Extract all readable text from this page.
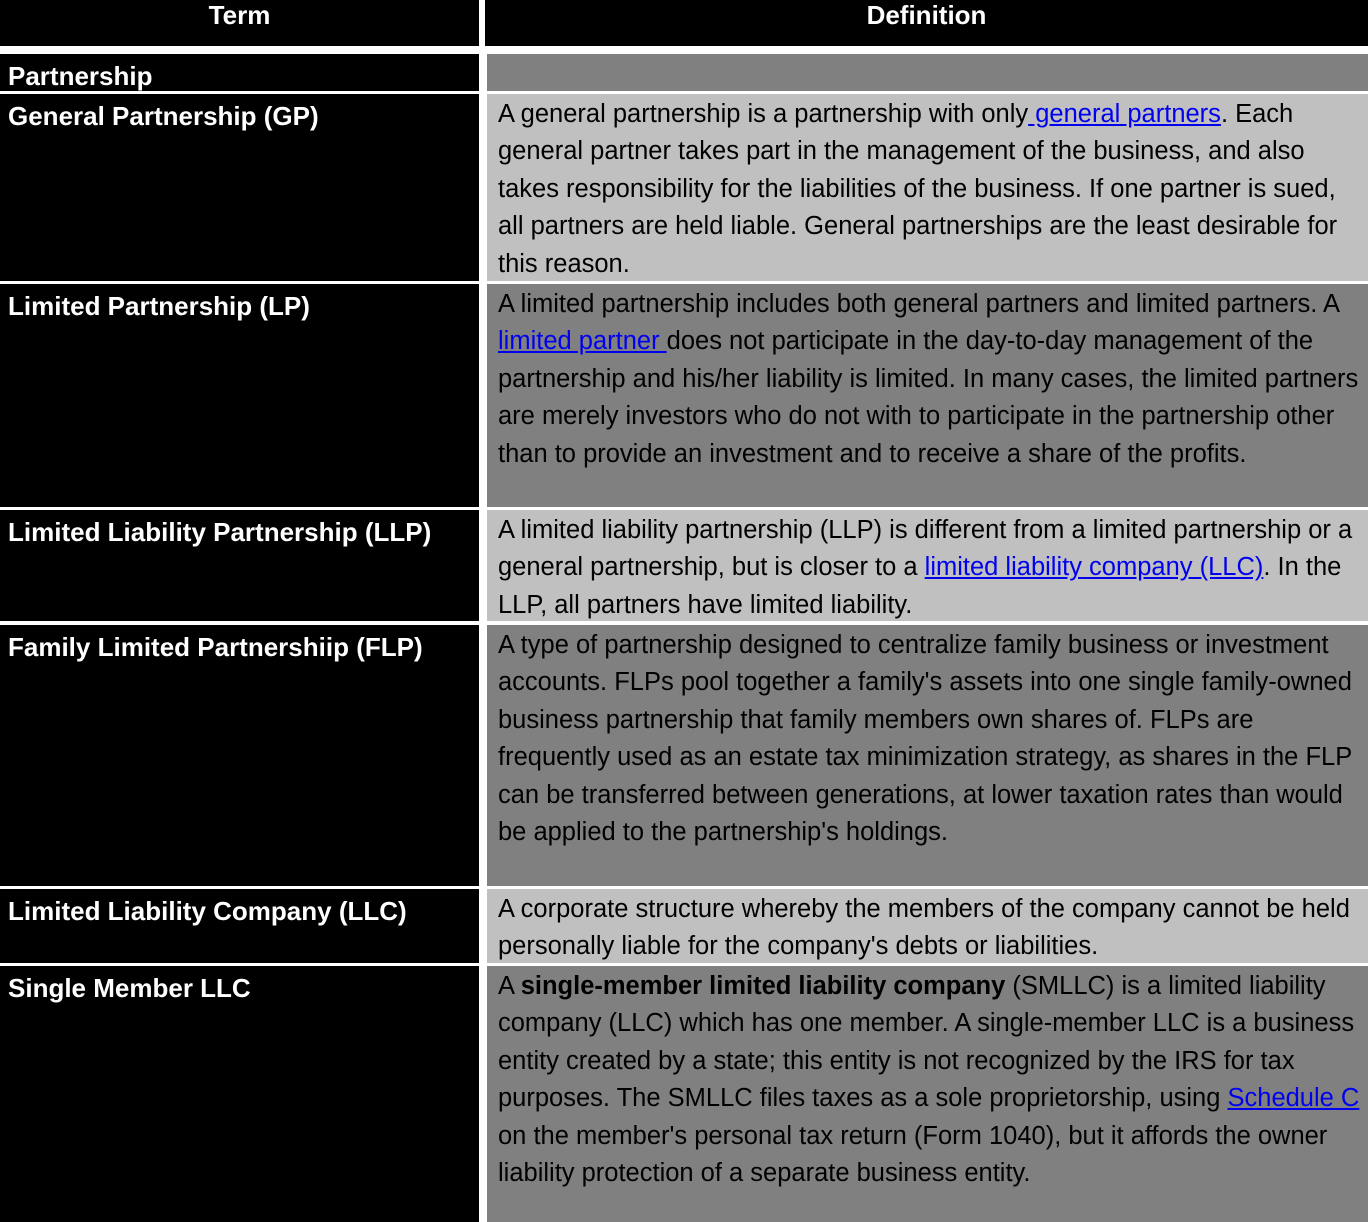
Term	Definition
Partnership
General Partnership (GP)	A general partnership is a partnership with only general partners. Each general partner takes part in the management of the business, and also takes responsibility for the liabilities of the business. If one partner is sued, all partners are held liable. General partnerships are the least desirable for this reason.
Limited Partnership (LP)	A limited partnership includes both general partners and limited partners. A limited partner does not participate in the day-to-day management of the partnership and his/her liability is limited. In many cases, the limited partners are merely investors who do not with to participate in the partnership other than to provide an investment and to receive a share of the profits.
Limited Liability Partnership (LLP)	A limited liability partnership (LLP) is different from a limited partnership or a general partnership, but is closer to a limited liability company (LLC). In the LLP, all partners have limited liability.
Family Limited Partnershiip (FLP)	A type of partnership designed to centralize family business or investment accounts. FLPs pool together a family's assets into one single family-owned business partnership that family members own shares of. FLPs are frequently used as an estate tax minimization strategy, as shares in the FLP can be transferred between generations, at lower taxation rates than would be applied to the partnership's holdings.
Limited Liability Company (LLC)	A corporate structure whereby the members of the company cannot be held personally liable for the company's debts or liabilities.
Single Member LLC	A single-member limited liability company (SMLLC) is a limited liability company (LLC) which has one member. A single-member LLC is a business entity created by a state; this entity is not recognized by the IRS for tax purposes. The SMLLC files taxes as a sole proprietorship, using Schedule C on the member's personal tax return (Form 1040), but it affords the owner liability protection of a separate business entity.
